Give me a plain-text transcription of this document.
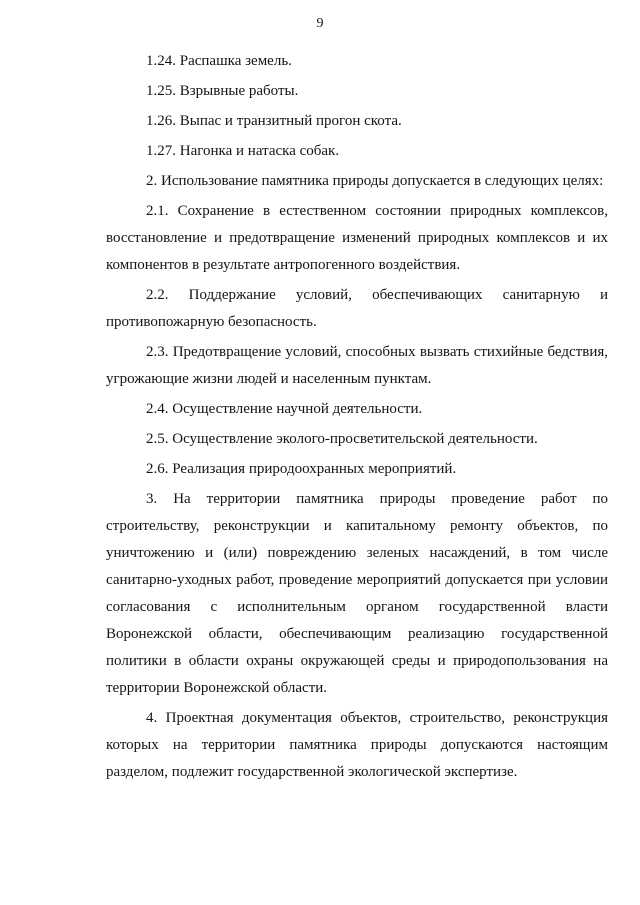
9

1.24. Распашка земель.

1.25. Взрывные работы.

1.26. Выпас и транзитный прогон скота.

1.27. Нагонка и натаска собак.

2. Использование памятника природы допускается в следующих целях:

2.1. Сохранение в естественном состоянии природных комплексов, восстановление и предотвращение изменений природных комплексов и их компонентов в результате антропогенного воздействия.

2.2. Поддержание условий, обеспечивающих санитарную и противопожарную безопасность.

2.3. Предотвращение условий, способных вызвать стихийные бедствия, угрожающие жизни людей и населенным пунктам.

2.4. Осуществление научной деятельности.

2.5. Осуществление эколого-просветительской деятельности.

2.6. Реализация природоохранных мероприятий.

3. На территории памятника природы проведение работ по строительству, реконструкции и капитальному ремонту объектов, по уничтожению и (или) повреждению зеленых насаждений, в том числе санитарно-уходных работ, проведение мероприятий допускается при условии согласования с исполнительным органом государственной власти Воронежской области, обеспечивающим реализацию государственной политики в области охраны окружающей среды и природопользования на территории Воронежской области.

4. Проектная документация объектов, строительство, реконструкция которых на территории памятника природы допускаются настоящим разделом, подлежит государственной экологической экспертизе.
